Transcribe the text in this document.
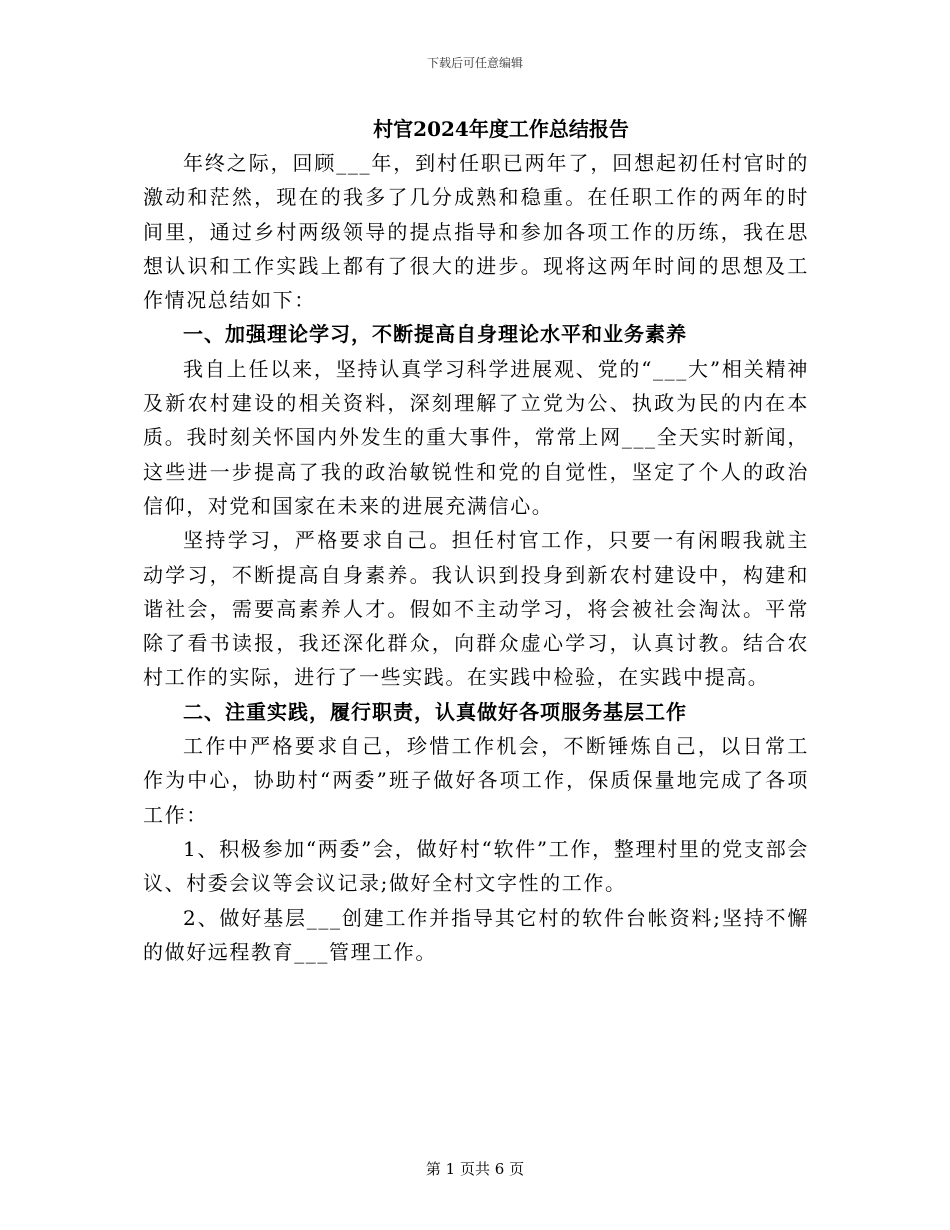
下载后可任意编辑

村官2024年度工作总结报告

年终之际，回顾___年，到村任职已两年了，回想起初任村官时的激动和茫然，现在的我多了几分成熟和稳重。在任职工作的两年的时间里，通过乡村两级领导的提点指导和参加各项工作的历练，我在思想认识和工作实践上都有了很大的进步。现将这两年时间的思想及工作情况总结如下：

一、加强理论学习，不断提高自身理论水平和业务素养

我自上任以来，坚持认真学习科学进展观、党的“___大”相关精神及新农村建设的相关资料，深刻理解了立党为公、执政为民的内在本质。我时刻关怀国内外发生的重大事件，常常上网___全天实时新闻，这些进一步提高了我的政治敏锐性和党的自觉性，坚定了个人的政治信仰，对党和国家在未来的进展充满信心。

坚持学习，严格要求自己。担任村官工作，只要一有闲暇我就主动学习，不断提高自身素养。我认识到投身到新农村建设中，构建和谐社会，需要高素养人才。假如不主动学习，将会被社会淘汰。平常除了看书读报，我还深化群众，向群众虚心学习，认真讨教。结合农村工作的实际，进行了一些实践。在实践中检验，在实践中提高。

二、注重实践，履行职责，认真做好各项服务基层工作

工作中严格要求自己，珍惜工作机会，不断锤炼自己，以日常工作为中心，协助村“两委”班子做好各项工作，保质保量地完成了各项工作：

1、积极参加“两委”会，做好村“软件”工作，整理村里的党支部会议、村委会议等会议记录;做好全村文字性的工作。

2、做好基层___创建工作并指导其它村的软件台帐资料;坚持不懈的做好远程教育___管理工作。

第 1 页共 6 页
